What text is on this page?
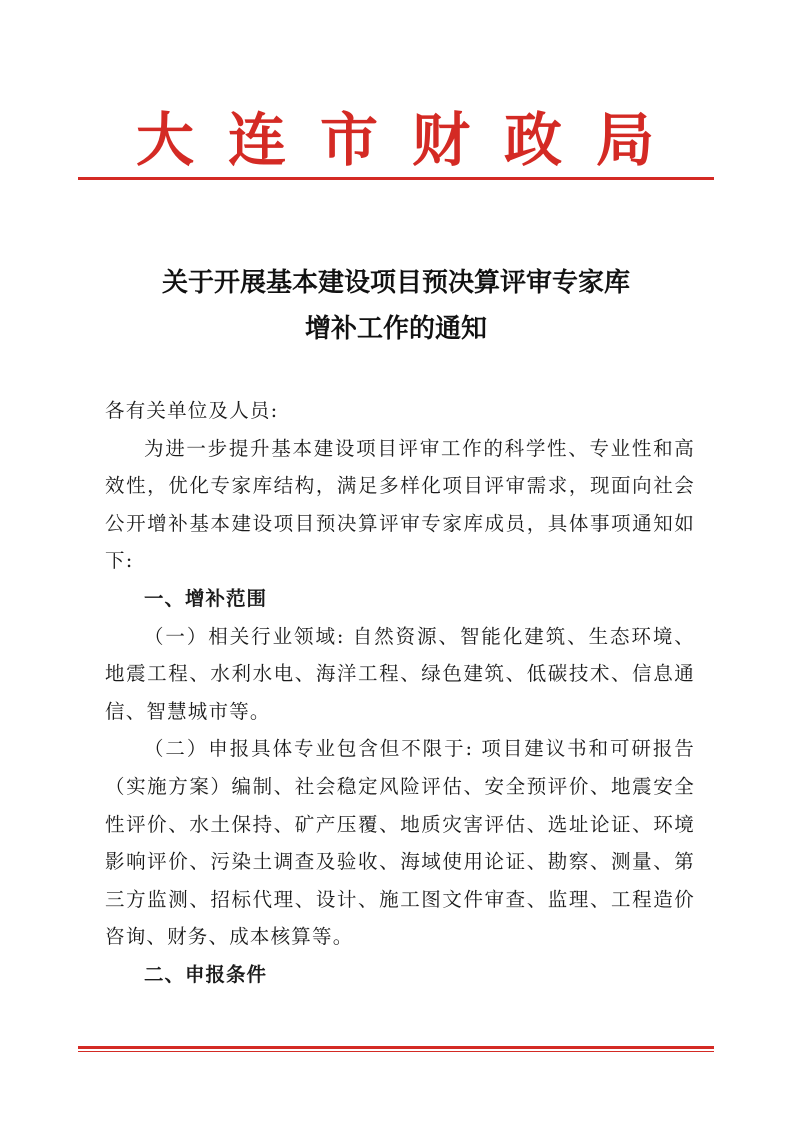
大连市财政局
关于开展基本建设项目预决算评审专家库
增补工作的通知

各有关单位及人员:

为进一步提升基本建设项目评审工作的科学性、专业性和高效性，优化专家库结构，满足多样化项目评审需求，现面向社会公开增补基本建设项目预决算评审专家库成员，具体事项通知如下:

一、增补范围

（一）相关行业领域: 自然资源、智能化建筑、生态环境、地震工程、水利水电、海洋工程、绿色建筑、低碳技术、信息通信、智慧城市等。

（二）申报具体专业包含但不限于: 项目建议书和可研报告（实施方案）编制、社会稳定风险评估、安全预评价、地震安全性评价、水土保持、矿产压覆、地质灾害评估、选址论证、环境影响评价、污染土调查及验收、海域使用论证、勘察、测量、第三方监测、招标代理、设计、施工图文件审查、监理、工程造价咨询、财务、成本核算等。

二、申报条件
